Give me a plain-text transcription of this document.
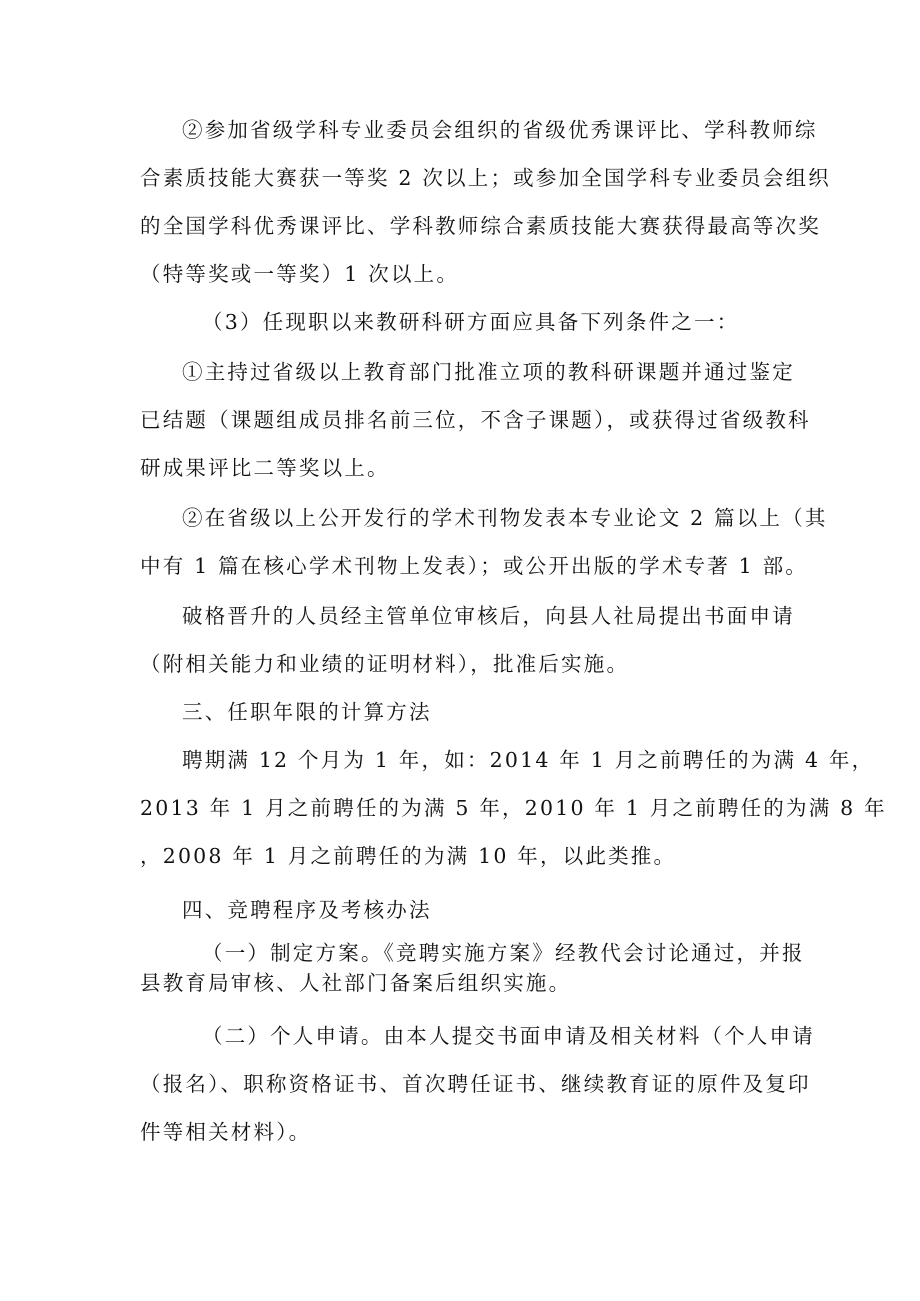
②参加省级学科专业委员会组织的省级优秀课评比、学科教师综
合素质技能大赛获一等奖 2 次以上；或参加全国学科专业委员会组织
的全国学科优秀课评比、学科教师综合素质技能大赛获得最高等次奖
（特等奖或一等奖）1 次以上。
（3）任现职以来教研科研方面应具备下列条件之一：
①主持过省级以上教育部门批准立项的教科研课题并通过鉴定
已结题（课题组成员排名前三位，不含子课题），或获得过省级教科
研成果评比二等奖以上。
②在省级以上公开发行的学术刊物发表本专业论文 2 篇以上（其
中有 1 篇在核心学术刊物上发表）；或公开出版的学术专著 1 部。
破格晋升的人员经主管单位审核后，向县人社局提出书面申请
（附相关能力和业绩的证明材料），批准后实施。
三、任职年限的计算方法
聘期满 12 个月为 1 年，如：2014 年 1 月之前聘任的为满 4 年，
2013 年 1 月之前聘任的为满 5 年，2010 年 1 月之前聘任的为满 8 年
，2008 年 1 月之前聘任的为满 10 年，以此类推。
四、竞聘程序及考核办法
（一）制定方案。《竞聘实施方案》经教代会讨论通过，并报
县教育局审核、人社部门备案后组织实施。
（二）个人申请。由本人提交书面申请及相关材料（个人申请
（报名）、职称资格证书、首次聘任证书、继续教育证的原件及复印
件等相关材料）。
